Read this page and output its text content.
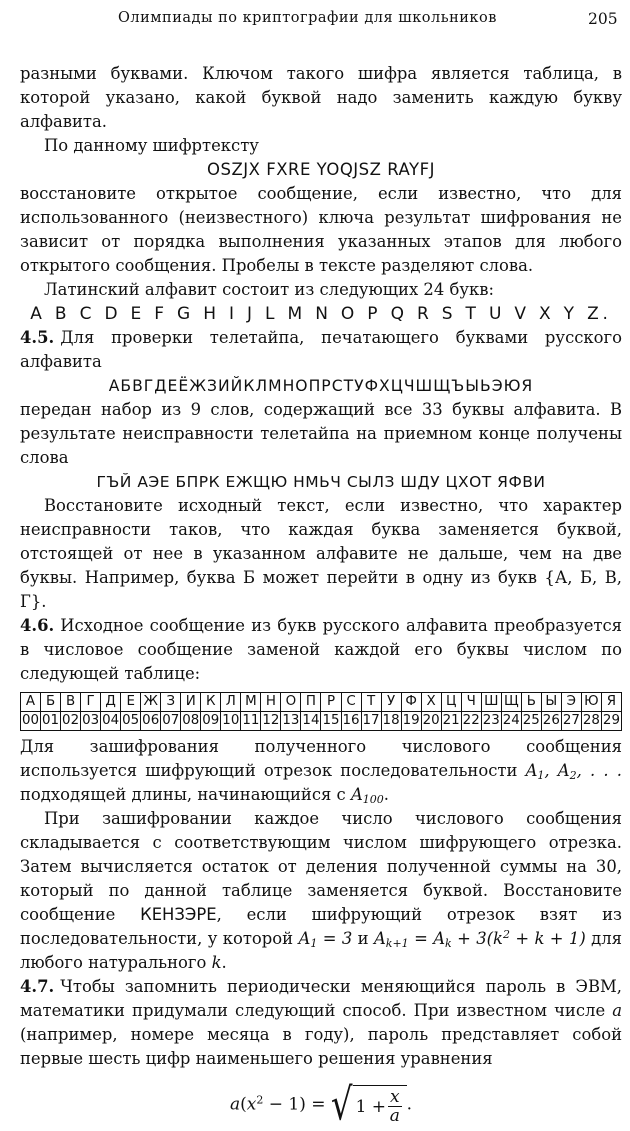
Олимпиады по криптографии для школьников	205

разными буквами. Ключом такого шифра является таблица, в которой указано, какой буквой надо заменить каждую букву алфавита.

По данному шифртексту

OSZJX FXRE YOQJSZ RAYFJ

восстановите открытое сообщение, если известно, что для использованного (неизвестного) ключа результат шифрования не зависит от порядка выполнения указанных этапов для любого открытого сообщения. Пробелы в тексте разделяют слова.

Латинский алфавит состоит из следующих 24 букв:

A B C D E F G H I J L M N O P Q R S T U V X Y Z.

4.5. Для проверки телетайпа, печатающего буквами русского алфавита

АБВГДЕЁЖЗИЙКЛМНОПРСТУФХЦЧШЩЪЫЬЭЮЯ

передан набор из 9 слов, содержащий все 33 буквы алфавита. В результате неисправности телетайпа на приемном конце получены слова

ГЪЙ АЭЕ БПРК ЕЖЩЮ НМЬЧ СЫЛЗ ШДУ ЦХОТ ЯФВИ

Восстановите исходный текст, если известно, что характер неисправности таков, что каждая буква заменяется буквой, отстоящей от нее в указанном алфавите не дальше, чем на две буквы. Например, буква Б может перейти в одну из букв {А, Б, В, Г}.

4.6. Исходное сообщение из букв русского алфавита преобразуется в числовое сообщение заменой каждой его буквы числом по следующей таблице:

А	Б	В	Г	Д	Е	Ж	З	И	К	Л	М	Н	О	П	Р	С	Т	У	Ф	Х	Ц	Ч	Ш	Щ	Ь	Ы	Э	Ю	Я
00	01	02	03	04	05	06	07	08	09	10	11	12	13	14	15	16	17	18	19	20	21	22	23	24	25	26	27	28	29

Для зашифрования полученного числового сообщения используется шифрующий отрезок последовательности $A_1$, $A_2$, . . . подходящей длины, начинающийся с $A_{100}$.

При зашифровании каждое число числового сообщения складывается с соответствующим числом шифрующего отрезка. Затем вычисляется остаток от деления полученной суммы на 30, который по данной таблице заменяется буквой. Восстановите сообщение КЕНЗЭРЕ, если шифрующий отрезок взят из последовательности, у которой $A_1 = 3$ и $A_{k+1} = A_k + 3(k^2 + k + 1)$ для любого натурального k.

4.7. Чтобы запомнить периодически меняющийся пароль в ЭВМ, математики придумали следующий способ. При известном числе a (например, номере месяца в году), пароль представляет собой первые шесть цифр наименьшего решения уравнения

$a(x^2 - 1)$ = √ $1 + \frac{x}{a}$ .
